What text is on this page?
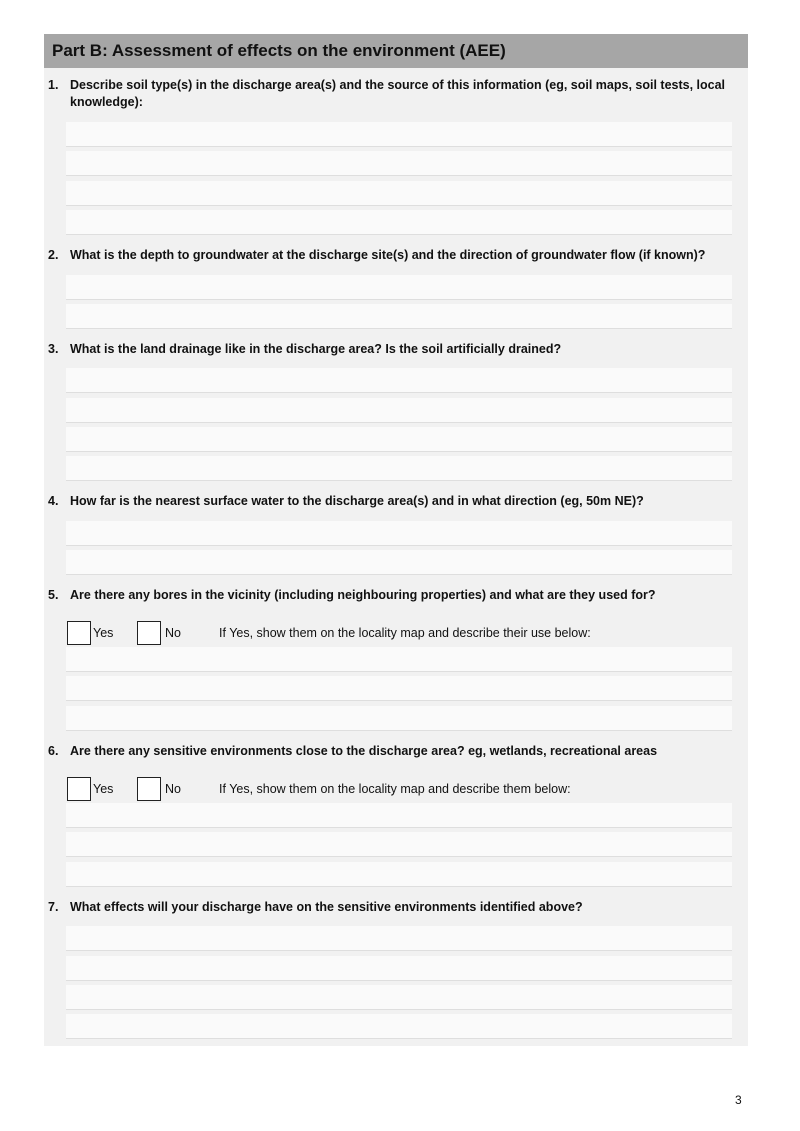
Part B: Assessment of effects on the environment (AEE)
1. Describe soil type(s) in the discharge area(s) and the source of this information (eg, soil maps, soil tests, local knowledge):
2. What is the depth to groundwater at the discharge site(s) and the direction of groundwater flow (if known)?
3. What is the land drainage like in the discharge area? Is the soil artificially drained?
4. How far is the nearest surface water to the discharge area(s) and in what direction (eg, 50m NE)?
5. Are there any bores in the vicinity (including neighbouring properties) and what are they used for?
Yes	No	If Yes, show them on the locality map and describe their use below:
6. Are there any sensitive environments close to the discharge area? eg, wetlands, recreational areas
Yes	No	If Yes, show them on the locality map and describe them below:
7. What effects will your discharge have on the sensitive environments identified above?
3
